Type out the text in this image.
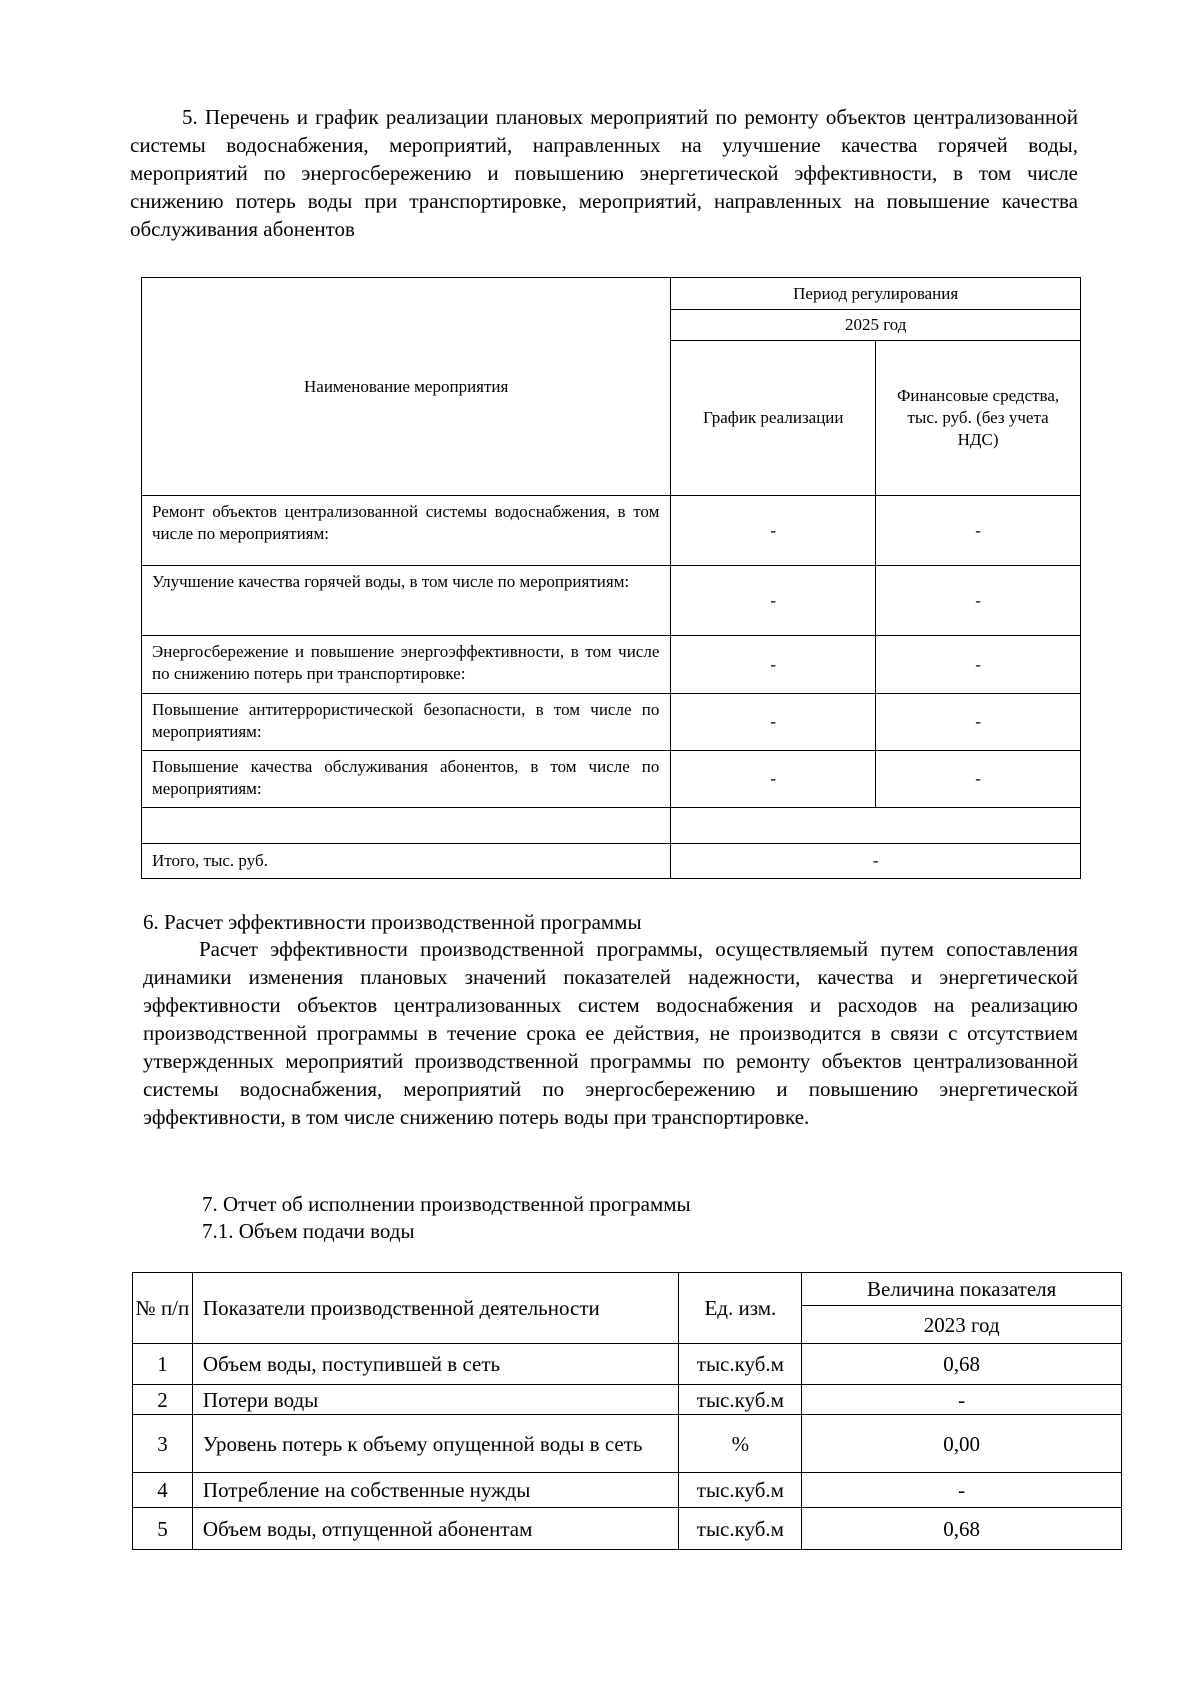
5. Перечень и график реализации плановых мероприятий по ремонту объектов централизованной системы водоснабжения, мероприятий, направленных на улучшение качества горячей воды, мероприятий по энергосбережению и повышению энергетической эффективности, в том числе снижению потерь воды при транспортировке, мероприятий, направленных на повышение качества обслуживания абонентов

Наименование мероприятия	Период регулирования	
	2025 год	
	График реализации	Финансовые средства, тыс. руб. (без учета НДС)
Ремонт объектов централизованной системы водоснабжения, в том числе по мероприятиям:	-	-
Улучшение качества горячей воды, в том числе по мероприятиям:	-	-
Энергосбережение и повышение энергоэффективности, в том числе по снижению потерь при транспортировке:	-	-
Повышение антитеррористической безопасности, в том числе по мероприятиям:	-	-
Повышение качества обслуживания абонентов, в том числе по мероприятиям:	-	-

Итого, тыс. руб.	-	

6. Расчет эффективности производственной программы

Расчет эффективности производственной программы, осуществляемый путем сопоставления динамики изменения плановых значений показателей надежности, качества и энергетической эффективности объектов централизованных систем водоснабжения и расходов на реализацию производственной программы в течение срока ее действия, не производится в связи с отсутствием утвержденных мероприятий производственной программы по ремонту объектов централизованной системы водоснабжения, мероприятий по энергосбережению и повышению энергетической эффективности, в том числе снижению потерь воды при транспортировке.

7. Отчет об исполнении производственной программы

7.1. Объем подачи воды

№ п/п	Показатели производственной деятельности	Ед. изм.	Величина показателя
			2023 год
1	Объем воды, поступившей в сеть	тыс.куб.м	0,68
2	Потери воды	тыс.куб.м	-
3	Уровень потерь к объему опущенной воды в сеть	%	0,00
4	Потребление на собственные нужды	тыс.куб.м	-
5	Объем воды, отпущенной абонентам	тыс.куб.м	0,68
